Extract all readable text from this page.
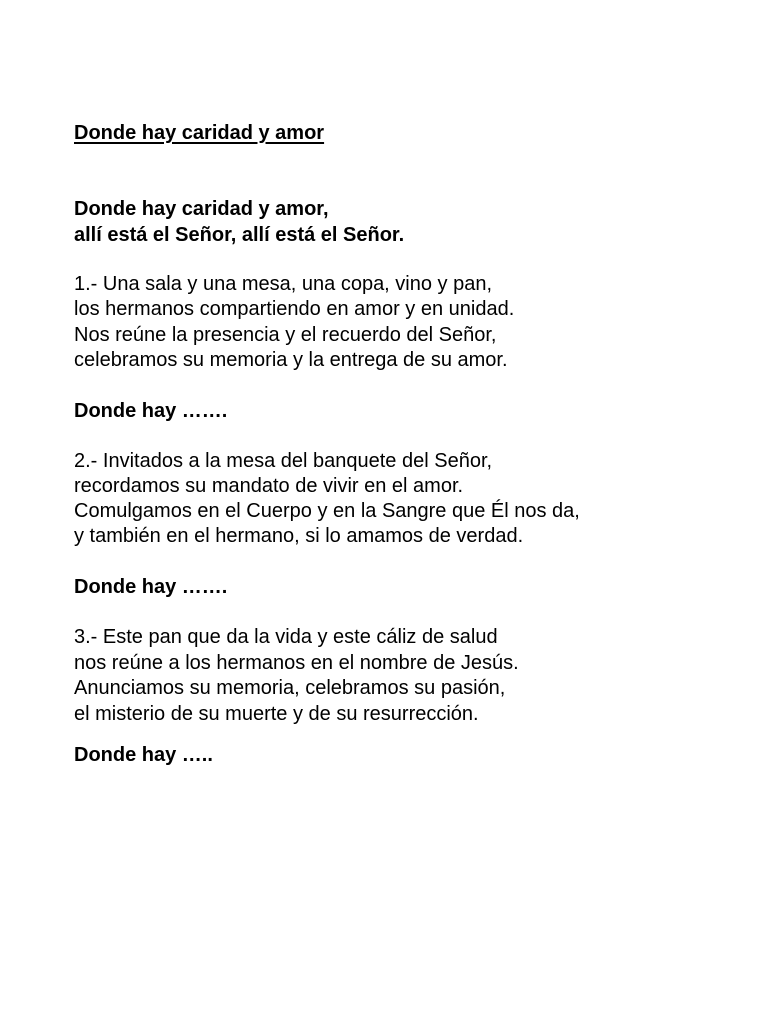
Donde hay caridad y amor

Donde hay caridad y amor,

allí está el Señor, allí está el Señor.

1.- Una sala y una mesa, una copa, vino y pan,

los hermanos compartiendo en amor y en unidad.

Nos reúne la presencia y el recuerdo del Señor,

celebramos su memoria y la entrega de su amor.

Donde hay …….

2.- Invitados a la mesa del banquete del Señor,

recordamos su mandato de vivir en el amor.

Comulgamos en el Cuerpo y en la Sangre que Él nos da,

y también en el hermano, si lo amamos de verdad.

Donde hay …….

3.- Este pan que da la vida y este cáliz de salud

nos reúne a los hermanos en el nombre de Jesús.

Anunciamos su memoria, celebramos su pasión,

el misterio de su muerte y de su resurrección.

Donde hay …..
